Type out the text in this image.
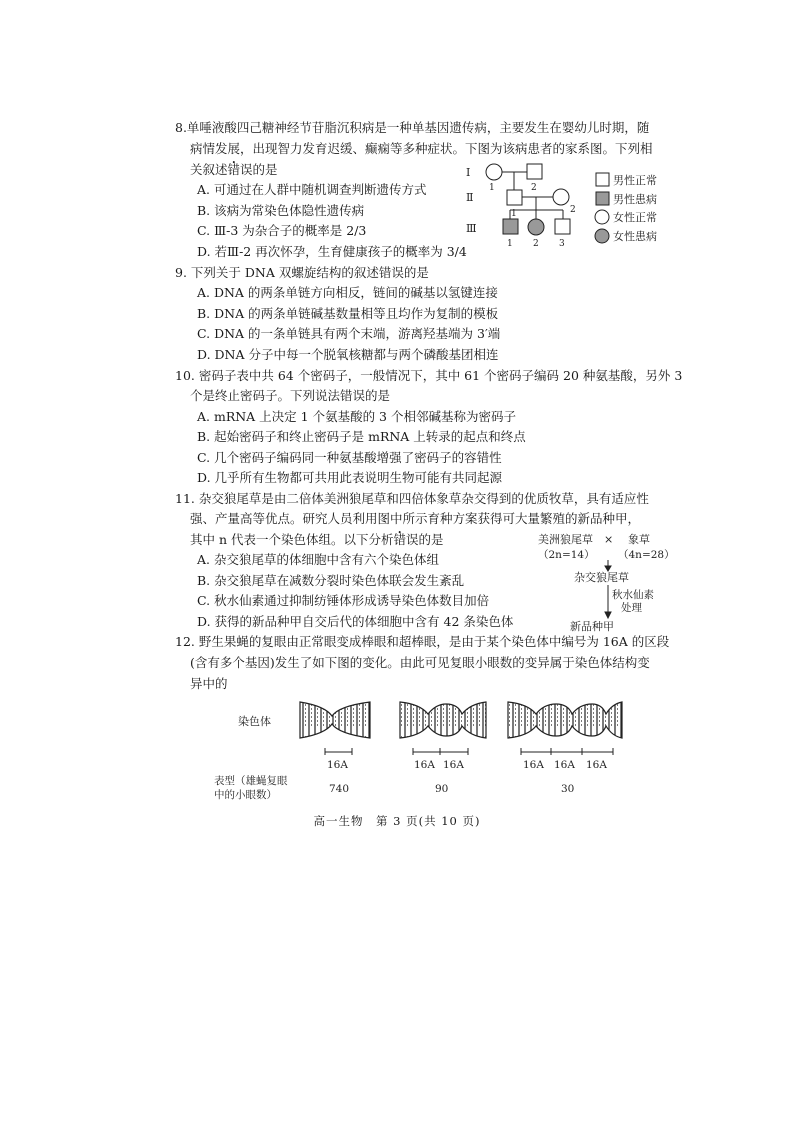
8.单唾液酸四己糖神经节苷脂沉积病是一种单基因遗传病，主要发生在婴幼儿时期，随
病情发展，出现智力发育迟缓、癫痫等多种症状。下图为该病患者的家系图。下列相
关叙述错误的是
A. 可通过在人群中随机调查判断遗传方式
B. 该病为常染色体隐性遗传病
C. Ⅲ-3 为杂合子的概率是 2/3
D. 若Ⅲ-2 再次怀孕，生育健康孩子的概率为 3/4
Ⅰ
Ⅱ
Ⅲ
1	2
1	2
1 2 3
男性正常
男性患病
女性正常
女性患病
9. 下列关于 DNA 双螺旋结构的叙述错误的是
A. DNA 的两条单链方向相反，链间的碱基以氢键连接
B. DNA 的两条单链碱基数量相等且均作为复制的模板
C. DNA 的一条单链具有两个末端，游离羟基端为 3′端
D. DNA 分子中每一个脱氧核糖都与两个磷酸基团相连
10. 密码子表中共 64 个密码子，一般情况下，其中 61 个密码子编码 20 种氨基酸，另外 3
个是终止密码子。下列说法错误的是
A. mRNA 上决定 1 个氨基酸的 3 个相邻碱基称为密码子
B. 起始密码子和终止密码子是 mRNA 上转录的起点和终点
C. 几个密码子编码同一种氨基酸增强了密码子的容错性
D. 几乎所有生物都可共用此表说明生物可能有共同起源
11. 杂交狼尾草是由二倍体美洲狼尾草和四倍体象草杂交得到的优质牧草，具有适应性
强、产量高等优点。研究人员利用图中所示育种方案获得可大量繁殖的新品种甲，
其中 n 代表一个染色体组。以下分析错误的是
A. 杂交狼尾草的体细胞中含有六个染色体组
B. 杂交狼尾草在减数分裂时染色体联会发生紊乱
C. 秋水仙素通过抑制纺锤体形成诱导染色体数目加倍
D. 获得的新品种甲自交后代的体细胞中含有 42 条染色体
美洲狼尾草 × 象草
（2n=14） （4n=28）
杂交狼尾草
秋水仙素
处理
新品种甲
12. 野生果蝇的复眼由正常眼变成棒眼和超棒眼，是由于某个染色体中编号为 16A 的区段
(含有多个基因)发生了如下图的变化。由此可见复眼小眼数的变异属于染色体结构变
异中的
染色体
16A	16A 16A	16A 16A 16A
表型（雄蝇复眼
中的小眼数）	740	90	30
高一生物　第 3 页(共 10 页)
